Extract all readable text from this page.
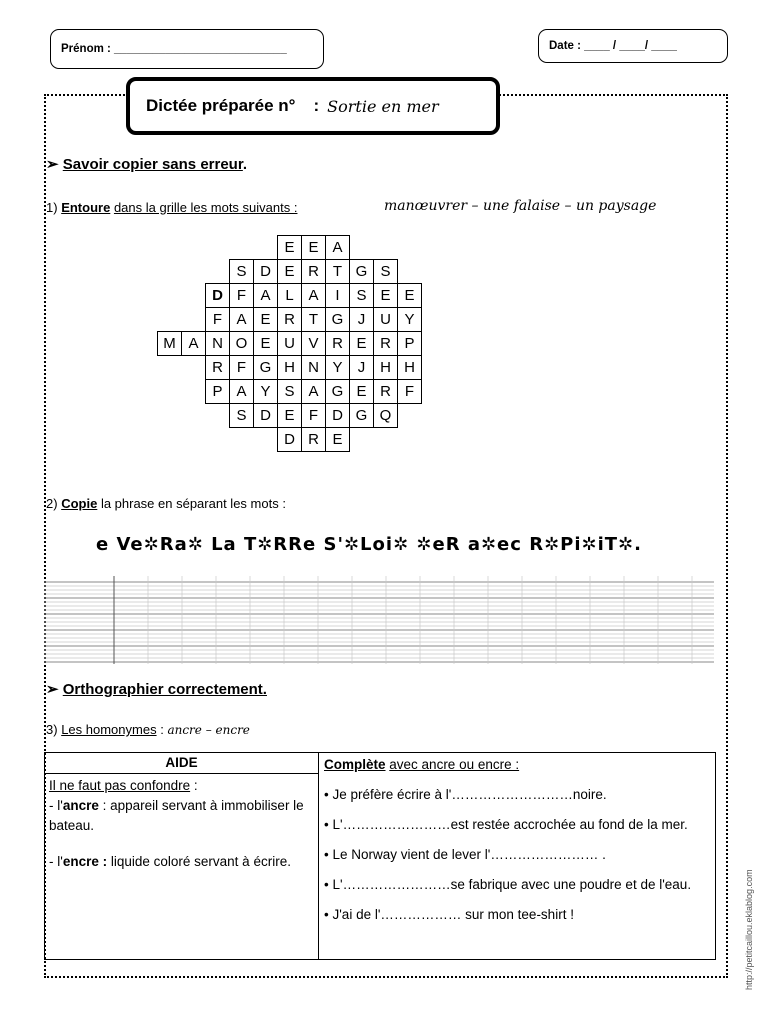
Prénom : ___________________________	Date : ____ / ____/ ____
Dictée préparée n° : Sortie en mer
➢ Savoir copier sans erreur.
1) Entoure dans la grille les mots suivants :	manœuvrer – une falaise – un paysage
E E A
S D E R T G S
D F A L A	I	S E E
F A E R T G J U Y
M A N O E U V R E R P
R F G H N Y	J H H
P A Y S A G E R F
S D E F D G Q
D R E
2) Copie la phrase en séparant les mots :
e Ve✲Ra✲ La T✲RRe S'✲Loi✲ ✲eR a✲ec R✲Pi✲iT✲.
➢ Orthographier correctement.
3) Les homonymes : ancre – encre
AIDE
Il ne faut pas confondre :
- l'ancre : appareil servant à immobiliser le bateau.
- l'encre : liquide coloré servant à écrire.
Complète avec ancre ou encre :
• Je préfère écrire à l'………………………noire.
• L'……………………est restée accrochée au fond de la mer.
• Le Norway vient de lever l'…………………… .
• L'……………………se fabrique avec une poudre et de l'eau.
• J'ai de l'……………… sur mon tee-shirt !	http://petitcaillou.eklablog.com
